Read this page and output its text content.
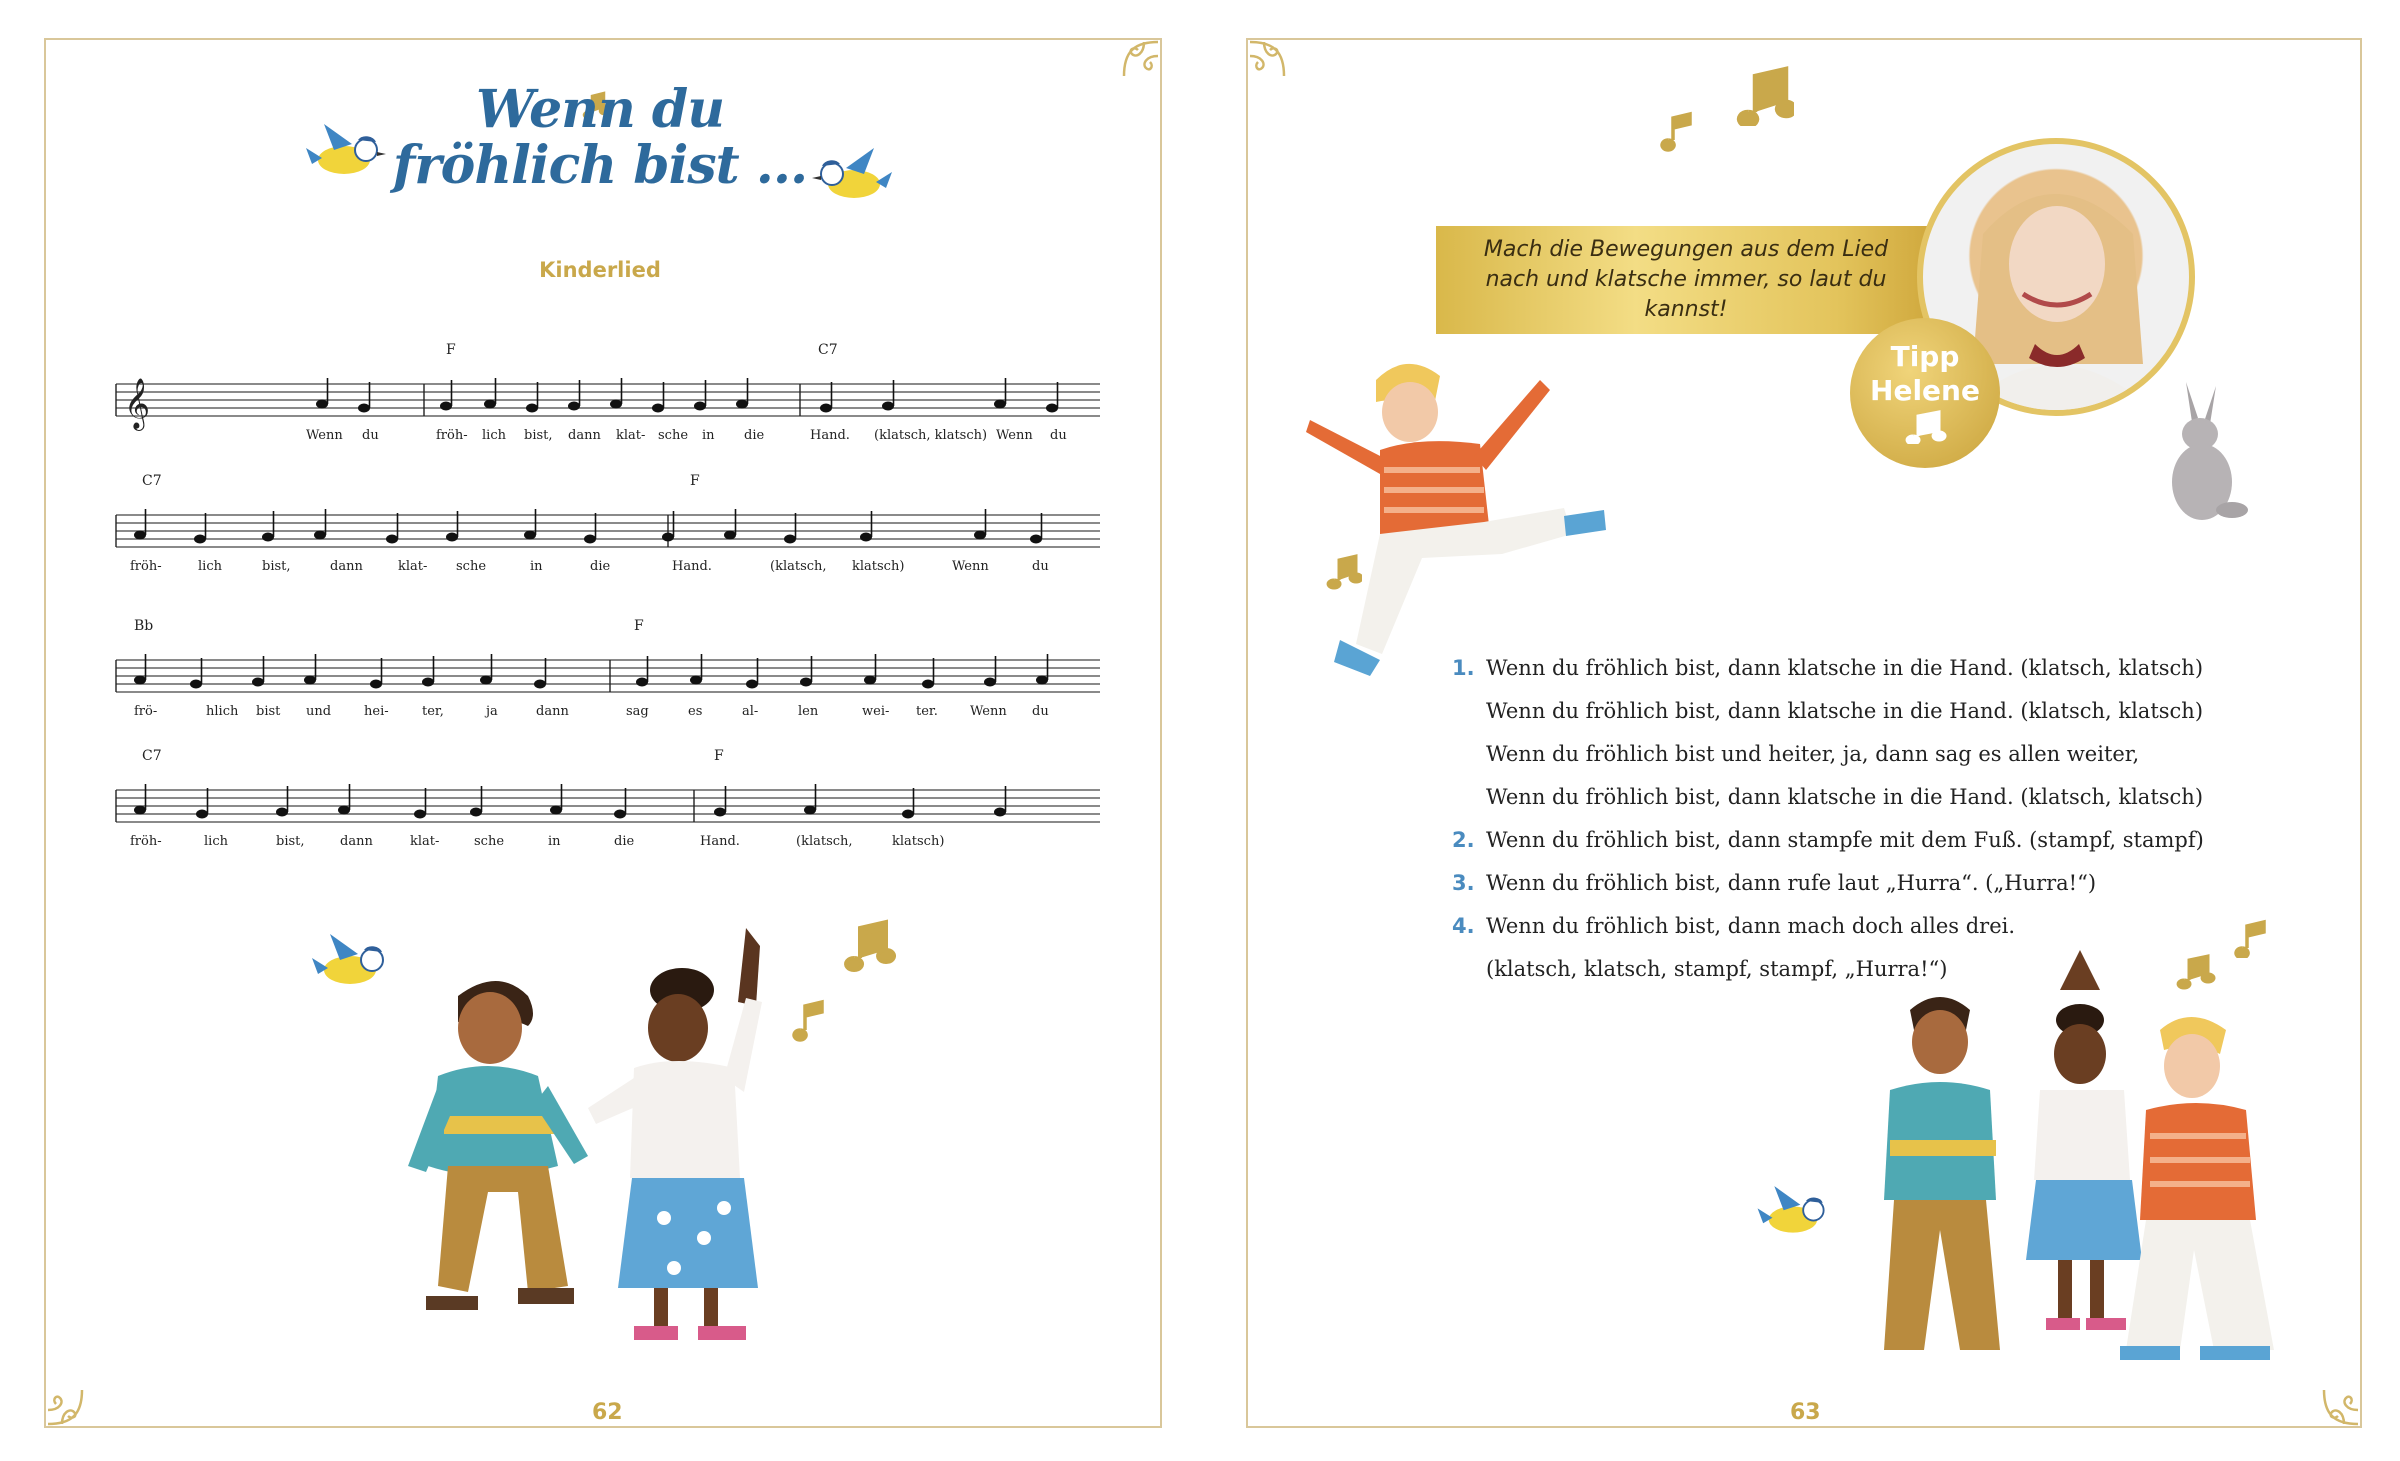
Wenn du
fröhlich bist ...
Kinderlied
𝄞
F	C7
Wenn du	fröh- lich bist, dann klat- sche in die	Hand. (klatsch, klatsch) Wenn du
C7	F
fröh-	lich	bist,	dann	klat- sche	in	die	Hand.	(klatsch, klatsch)	Wenn	du
Bb	F
frö-	hlich bist und	hei-	ter,	ja	dann	sag	es	al-	len	wei- ter. Wenn du
C7	F
fröh-	lich	bist,	dann	klat-	sche	in	die	Hand.	(klatsch,	klatsch)
62
Mach die Bewegungen aus dem Lied nach und klatsche immer, so laut du kannst!
Tipp
Helene
1. Wenn du fröhlich bist, dann klatsche in die Hand. (klatsch, klatsch)
Wenn du fröhlich bist, dann klatsche in die Hand. (klatsch, klatsch)
Wenn du fröhlich bist und heiter, ja, dann sag es allen weiter,
Wenn du fröhlich bist, dann klatsche in die Hand. (klatsch, klatsch)
2. Wenn du fröhlich bist, dann stampfe mit dem Fuß. (stampf, stampf)
3. Wenn du fröhlich bist, dann rufe laut „Hurra“. („Hurra!“)
4. Wenn du fröhlich bist, dann mach doch alles drei.
(klatsch, klatsch, stampf, stampf, „Hurra!“)
63
